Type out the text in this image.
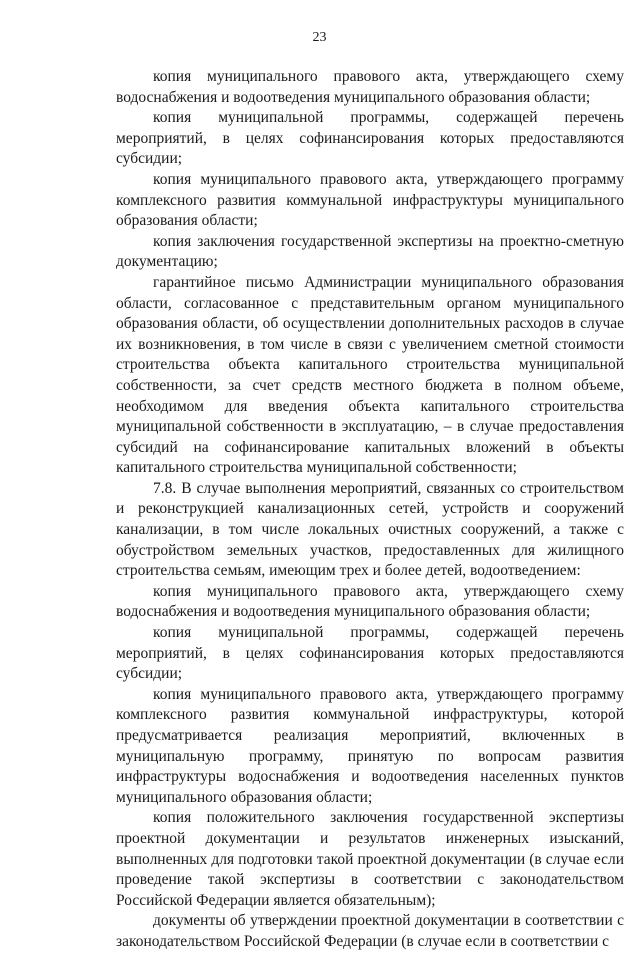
23

копия муниципального правового акта, утверждающего схему водоснабжения и водоотведения муниципального образования области;

копия муниципальной программы, содержащей перечень мероприятий, в целях софинансирования которых предоставляются субсидии;

копия муниципального правового акта, утверждающего программу комплексного развития коммунальной инфраструктуры муниципального образования области;

копия заключения государственной экспертизы на проектно-сметную документацию;

гарантийное письмо Администрации муниципального образования области, согласованное с представительным органом муниципального образования области, об осуществлении дополнительных расходов в случае их возникновения, в том числе в связи с увеличением сметной стоимости строительства объекта капитального строительства муниципальной собственности, за счет средств местного бюджета в полном объеме, необходимом для введения объекта капитального строительства муниципальной собственности в эксплуатацию, – в случае предоставления субсидий на софинансирование капитальных вложений в объекты капитального строительства муниципальной собственности;

7.8. В случае выполнения мероприятий, связанных со строительством и реконструкцией канализационных сетей, устройств и сооружений канализации, в том числе локальных очистных сооружений, а также с обустройством земельных участков, предоставленных для жилищного строительства семьям, имеющим трех и более детей, водоотведением:

копия муниципального правового акта, утверждающего схему водоснабжения и водоотведения муниципального образования области;

копия муниципальной программы, содержащей перечень мероприятий, в целях софинансирования которых предоставляются субсидии;

копия муниципального правового акта, утверждающего программу комплексного развития коммунальной инфраструктуры, которой предусматривается реализация мероприятий, включенных в муниципальную программу, принятую по вопросам развития инфраструктуры водоснабжения и водоотведения населенных пунктов муниципального образования области;

копия положительного заключения государственной экспертизы проектной документации и результатов инженерных изысканий, выполненных для подготовки такой проектной документации (в случае если проведение такой экспертизы в соответствии с законодательством Российской Федерации является обязательным);

документы об утверждении проектной документации в соответствии с законодательством Российской Федерации (в случае если в соответствии с
